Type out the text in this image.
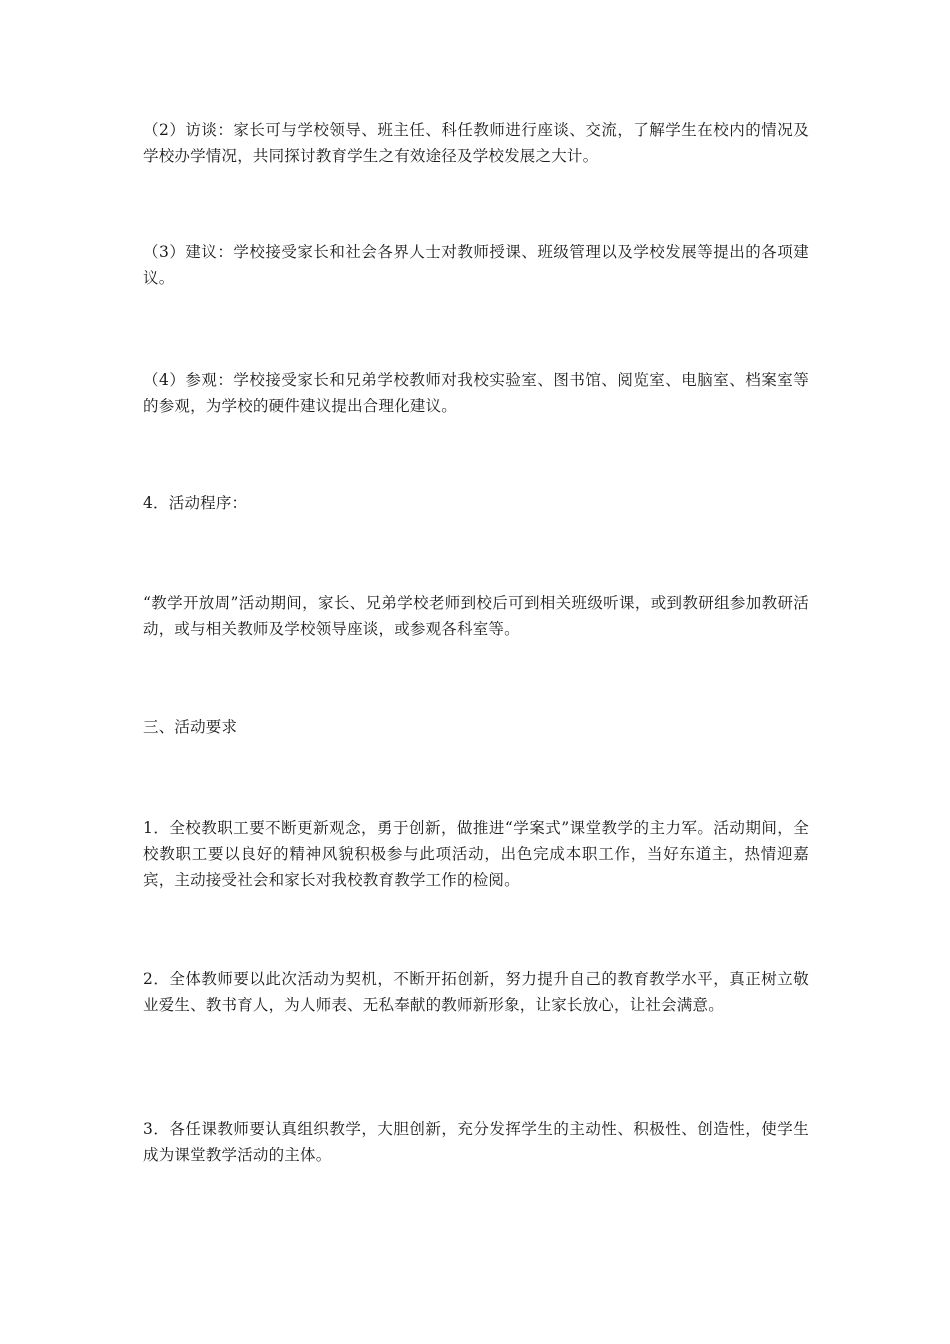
（2）访谈：家长可与学校领导、班主任、科任教师进行座谈、交流，了解学生在校内的情况及学校办学情况，共同探讨教育学生之有效途径及学校发展之大计。

（3）建议：学校接受家长和社会各界人士对教师授课、班级管理以及学校发展等提出的各项建议。

（4）参观：学校接受家长和兄弟学校教师对我校实验室、图书馆、阅览室、电脑室、档案室等的参观，为学校的硬件建议提出合理化建议。

4．活动程序：

“教学开放周”活动期间，家长、兄弟学校老师到校后可到相关班级听课，或到教研组参加教研活动，或与相关教师及学校领导座谈，或参观各科室等。

三、活动要求

1．全校教职工要不断更新观念，勇于创新，做推进“学案式”课堂教学的主力军。活动期间，全校教职工要以良好的精神风貌积极参与此项活动，出色完成本职工作，当好东道主，热情迎嘉宾，主动接受社会和家长对我校教育教学工作的检阅。

2．全体教师要以此次活动为契机，不断开拓创新，努力提升自己的教育教学水平，真正树立敬业爱生、教书育人，为人师表、无私奉献的教师新形象，让家长放心，让社会满意。

3．各任课教师要认真组织教学，大胆创新，充分发挥学生的主动性、积极性、创造性，使学生成为课堂教学活动的主体。
